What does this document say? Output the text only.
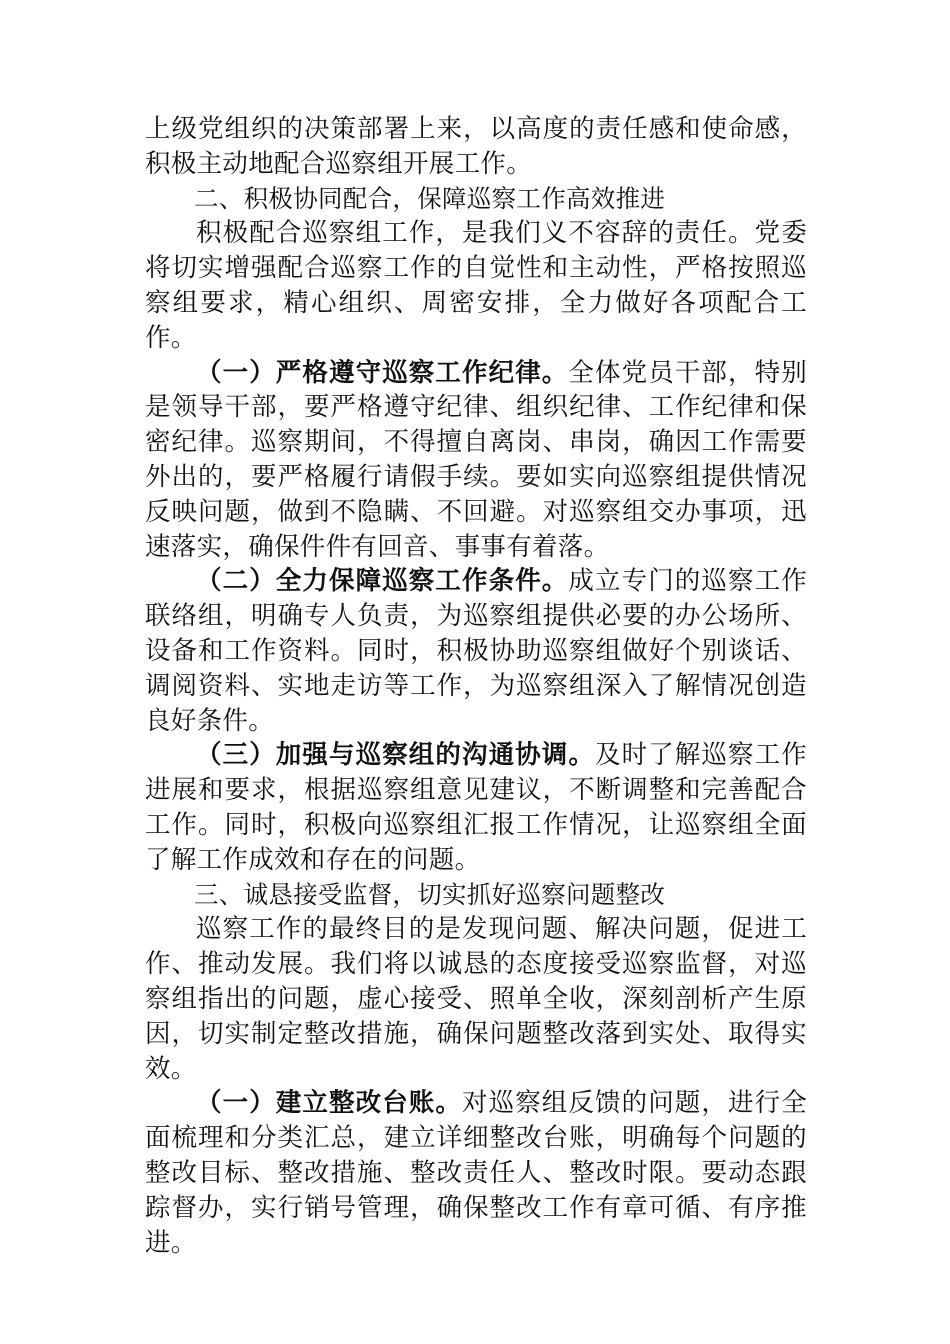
上级党组织的决策部署上来，以高度的责任感和使命感，积极主动地配合巡察组开展工作。

二、积极协同配合，保障巡察工作高效推进

积极配合巡察组工作，是我们义不容辞的责任。党委将切实增强配合巡察工作的自觉性和主动性，严格按照巡察组要求，精心组织、周密安排，全力做好各项配合工作。

（一）严格遵守巡察工作纪律。全体党员干部，特别是领导干部，要严格遵守纪律、组织纪律、工作纪律和保密纪律。巡察期间，不得擅自离岗、串岗，确因工作需要外出的，要严格履行请假手续。要如实向巡察组提供情况反映问题，做到不隐瞒、不回避。对巡察组交办事项，迅速落实，确保件件有回音、事事有着落。

（二）全力保障巡察工作条件。成立专门的巡察工作联络组，明确专人负责，为巡察组提供必要的办公场所、设备和工作资料。同时，积极协助巡察组做好个别谈话、调阅资料、实地走访等工作，为巡察组深入了解情况创造良好条件。

（三）加强与巡察组的沟通协调。及时了解巡察工作进展和要求，根据巡察组意见建议，不断调整和完善配合工作。同时，积极向巡察组汇报工作情况，让巡察组全面了解工作成效和存在的问题。

三、诚恳接受监督，切实抓好巡察问题整改

巡察工作的最终目的是发现问题、解决问题，促进工作、推动发展。我们将以诚恳的态度接受巡察监督，对巡察组指出的问题，虚心接受、照单全收，深刻剖析产生原因，切实制定整改措施，确保问题整改落到实处、取得实效。

（一）建立整改台账。对巡察组反馈的问题，进行全面梳理和分类汇总，建立详细整改台账，明确每个问题的整改目标、整改措施、整改责任人、整改时限。要动态跟踪督办，实行销号管理，确保整改工作有章可循、有序推进。
